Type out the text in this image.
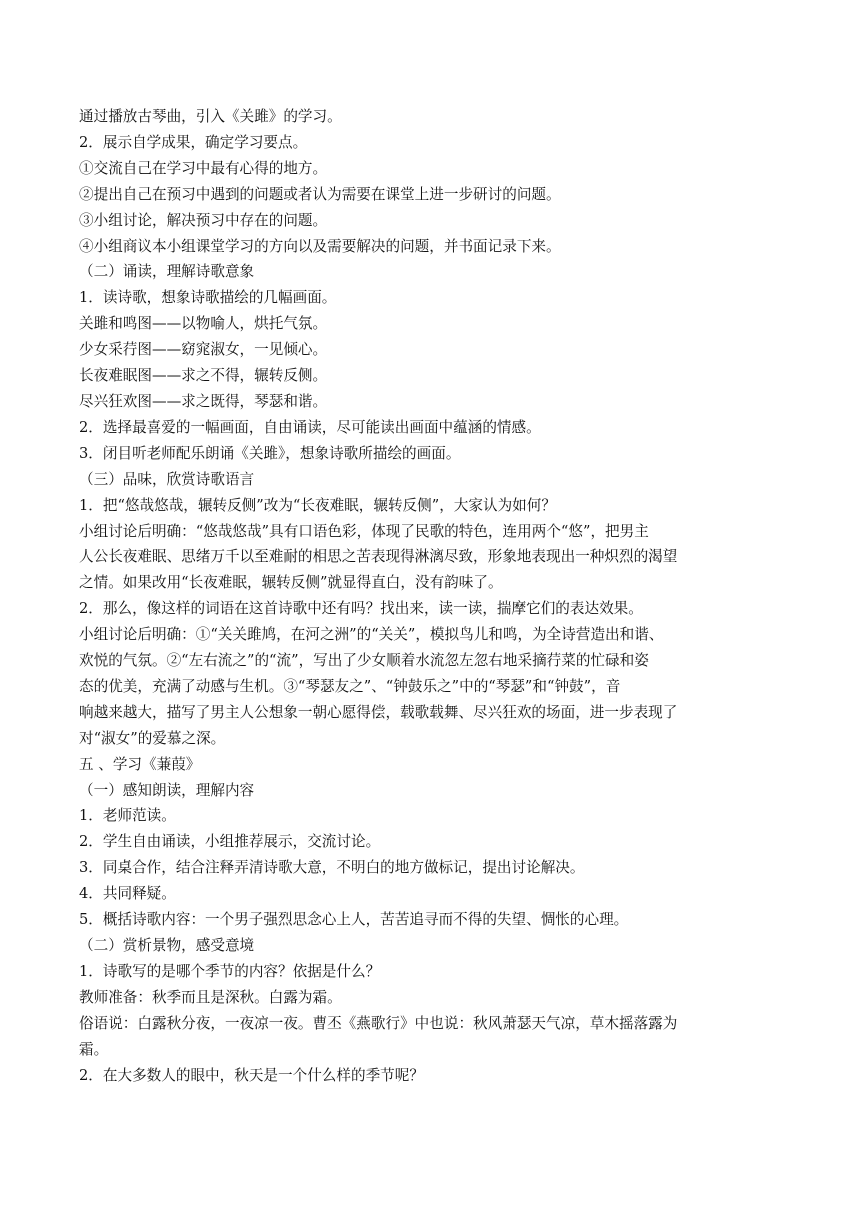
通过播放古琴曲，引入《关雎》的学习。
2．展示自学成果，确定学习要点。
①交流自己在学习中最有心得的地方。
②提出自己在预习中遇到的问题或者认为需要在课堂上进一步研讨的问题。
③小组讨论，解决预习中存在的问题。
④小组商议本小组课堂学习的方向以及需要解决的问题，并书面记录下来。
（二）诵读，理解诗歌意象
1．读诗歌，想象诗歌描绘的几幅画面。
关雎和鸣图——以物喻人，烘托气氛。
少女采荇图——窈窕淑女，一见倾心。
长夜难眠图——求之不得，辗转反侧。
尽兴狂欢图——求之既得，琴瑟和谐。
2．选择最喜爱的一幅画面，自由诵读，尽可能读出画面中蕴涵的情感。
3．闭目听老师配乐朗诵《关雎》，想象诗歌所描绘的画面。
（三）品味，欣赏诗歌语言
1．把“悠哉悠哉，辗转反侧”改为“长夜难眠，辗转反侧”，大家认为如何？
小组讨论后明确：“悠哉悠哉”具有口语色彩，体现了民歌的特色，连用两个“悠”，把男主
人公长夜难眠、思绪万千以至难耐的相思之苦表现得淋漓尽致，形象地表现出一种炽烈的渴望
之情。如果改用“长夜难眠，辗转反侧”就显得直白，没有韵味了。
2．那么，像这样的词语在这首诗歌中还有吗？找出来，读一读，揣摩它们的表达效果。
小组讨论后明确：①“关关雎鸠，在河之洲”的“关关”，模拟鸟儿和鸣，为全诗营造出和谐、
欢悦的气氛。②“左右流之”的“流”，写出了少女顺着水流忽左忽右地采摘荇菜的忙碌和姿
态的优美，充满了动感与生机。③“琴瑟友之”、“钟鼓乐之”中的“琴瑟”和“钟鼓”，音
响越来越大，描写了男主人公想象一朝心愿得偿，载歌载舞、尽兴狂欢的场面，进一步表现了
对“淑女”的爱慕之深。
五 、学习《蒹葭》
（一）感知朗读，理解内容
1．老师范读。
2．学生自由诵读，小组推荐展示，交流讨论。
3．同桌合作，结合注释弄清诗歌大意，不明白的地方做标记，提出讨论解决。
4．共同释疑。
5．概括诗歌内容：一个男子强烈思念心上人，苦苦追寻而不得的失望、惆怅的心理。
（二）赏析景物，感受意境
1．诗歌写的是哪个季节的内容？依据是什么？
教师准备：秋季而且是深秋。白露为霜。
俗语说：白露秋分夜，一夜凉一夜。曹丕《燕歌行》中也说：秋风萧瑟天气凉，草木摇落露为
霜。
2．在大多数人的眼中，秋天是一个什么样的季节呢？
